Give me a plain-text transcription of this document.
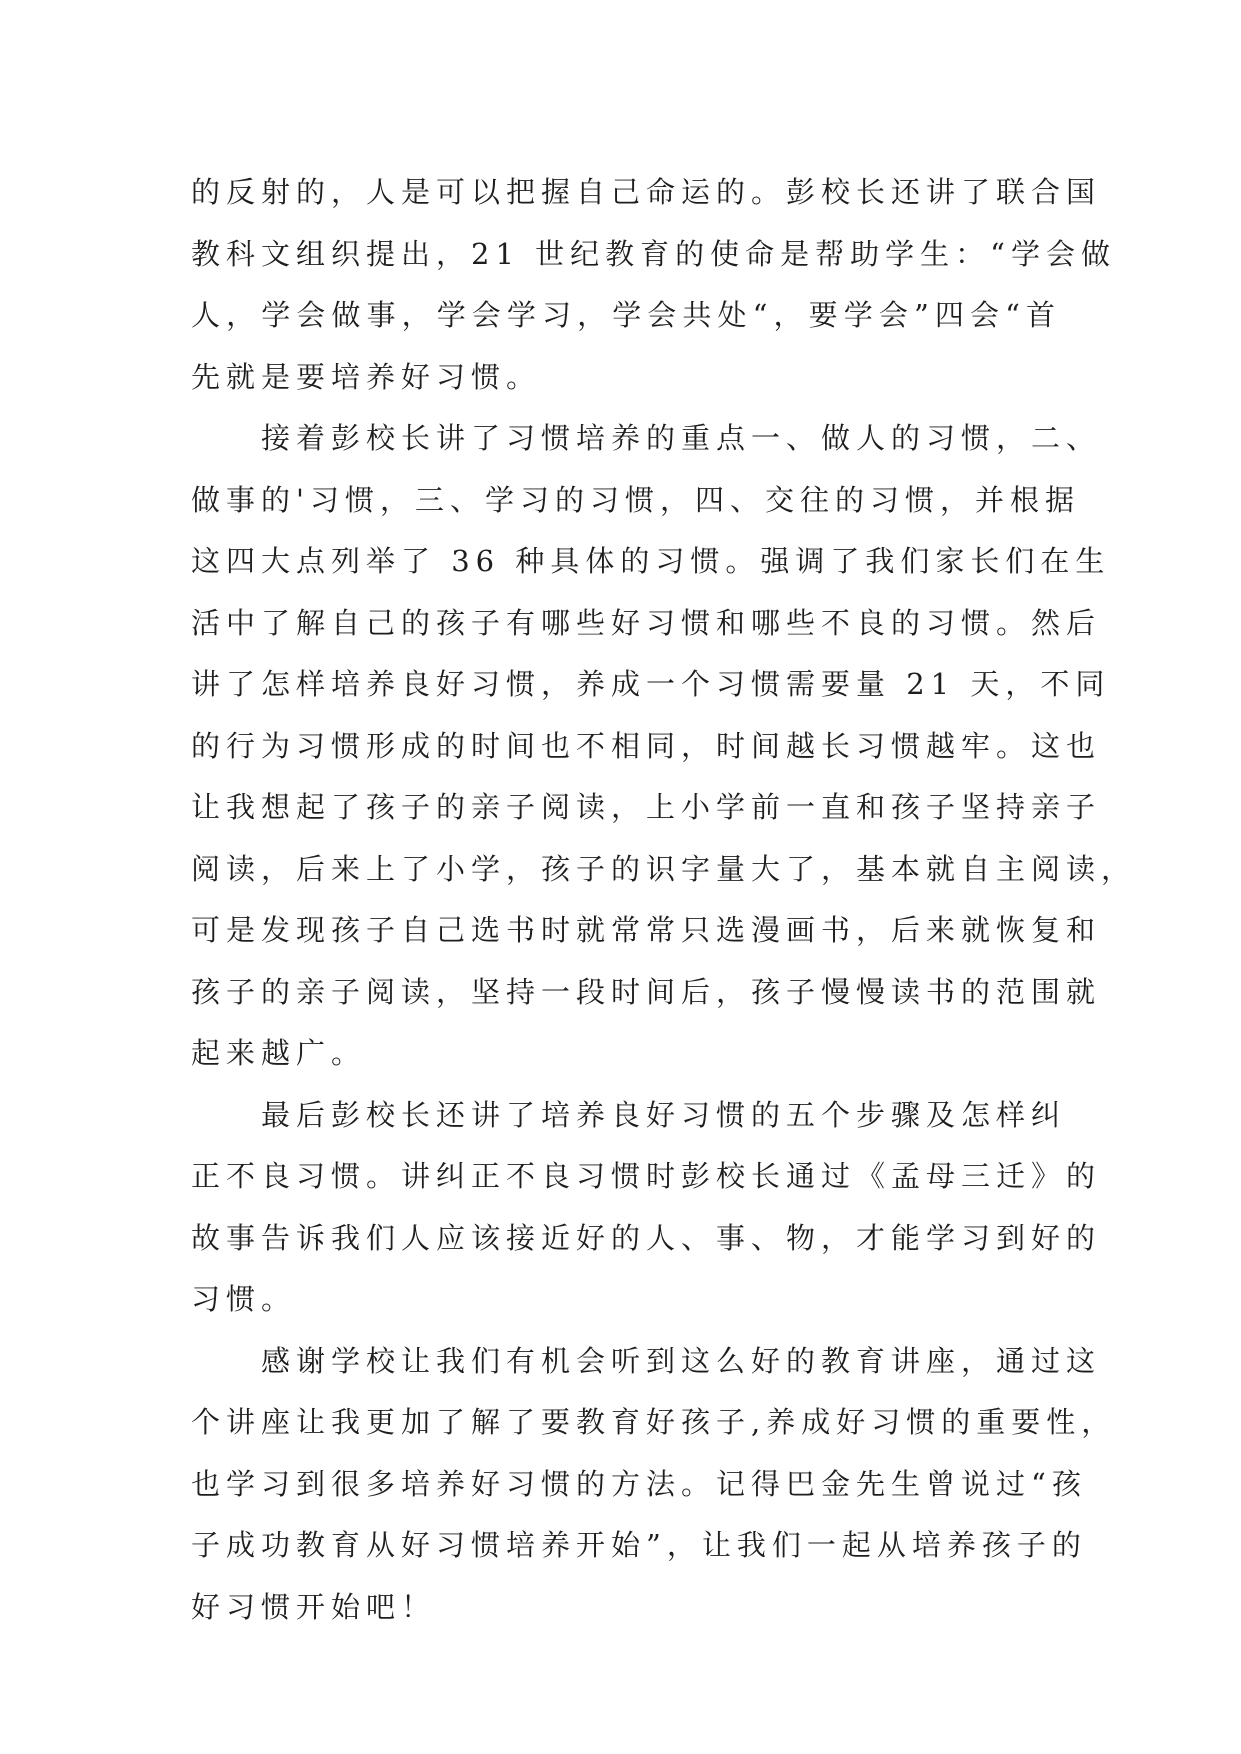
的反射的，人是可以把握自己命运的。彭校长还讲了联合国
教科文组织提出，21 世纪教育的使命是帮助学生：“学会做
人，学会做事，学会学习，学会共处“，要学会”四会“首
先就是要培养好习惯。
接着彭校长讲了习惯培养的重点一、做人的习惯，二、
做事的'习惯，三、学习的习惯，四、交往的习惯，并根据
这四大点列举了 36 种具体的习惯。强调了我们家长们在生
活中了解自己的孩子有哪些好习惯和哪些不良的习惯。然后
讲了怎样培养良好习惯，养成一个习惯需要量 21 天，不同
的行为习惯形成的时间也不相同，时间越长习惯越牢。这也
让我想起了孩子的亲子阅读，上小学前一直和孩子坚持亲子
阅读，后来上了小学，孩子的识字量大了，基本就自主阅读，
可是发现孩子自己选书时就常常只选漫画书，后来就恢复和
孩子的亲子阅读，坚持一段时间后，孩子慢慢读书的范围就
起来越广。
最后彭校长还讲了培养良好习惯的五个步骤及怎样纠
正不良习惯。讲纠正不良习惯时彭校长通过《孟母三迁》的
故事告诉我们人应该接近好的人、事、物，才能学习到好的
习惯。
感谢学校让我们有机会听到这么好的教育讲座，通过这
个讲座让我更加了解了要教育好孩子,养成好习惯的重要性，
也学习到很多培养好习惯的方法。记得巴金先生曾说过“孩
子成功教育从好习惯培养开始”，让我们一起从培养孩子的
好习惯开始吧！
